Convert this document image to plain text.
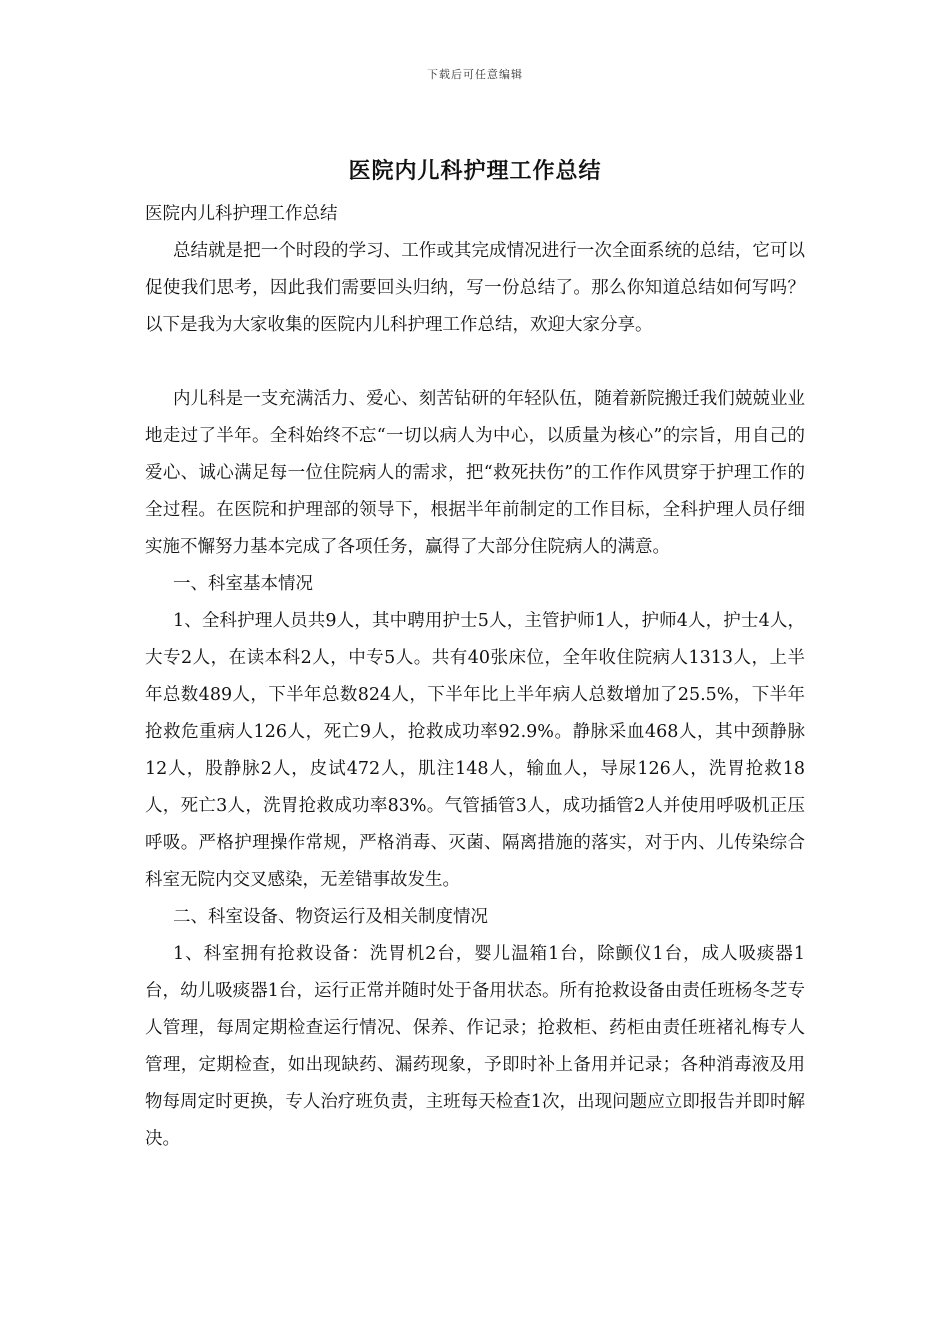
下载后可任意编辑
医院内儿科护理工作总结

医院内儿科护理工作总结

总结就是把一个时段的学习、工作或其完成情况进行一次全面系统的总结，它可以促使我们思考，因此我们需要回头归纳，写一份总结了。那么你知道总结如何写吗？以下是我为大家收集的医院内儿科护理工作总结，欢迎大家分享。

内儿科是一支充满活力、爱心、刻苦钻研的年轻队伍，随着新院搬迁我们兢兢业业地走过了半年。全科始终不忘“一切以病人为中心，以质量为核心”的宗旨，用自己的爱心、诚心满足每一位住院病人的需求，把“救死扶伤”的工作作风贯穿于护理工作的全过程。在医院和护理部的领导下，根据半年前制定的工作目标，全科护理人员仔细实施不懈努力基本完成了各项任务，赢得了大部分住院病人的满意。

一、科室基本情况

1、全科护理人员共9人，其中聘用护士5人，主管护师1人，护师4人，护士4人，大专2人，在读本科2人，中专5人。共有40张床位，全年收住院病人1313人，上半年总数489人，下半年总数824人，下半年比上半年病人总数增加了25.5%，下半年抢救危重病人126人，死亡9人，抢救成功率92.9%。静脉采血468人，其中颈静脉12人，股静脉2人，皮试472人，肌注148人，输血人，导尿126人，洗胃抢救18人，死亡3人，洗胃抢救成功率83%。气管插管3人，成功插管2人并使用呼吸机正压呼吸。严格护理操作常规，严格消毒、灭菌、隔离措施的落实，对于内、儿传染综合科室无院内交叉感染，无差错事故发生。

二、科室设备、物资运行及相关制度情况

1、科室拥有抢救设备：洗胃机2台，婴儿温箱1台，除颤仪1台，成人吸痰器1台，幼儿吸痰器1台，运行正常并随时处于备用状态。所有抢救设备由责任班杨冬芝专人管理，每周定期检查运行情况、保养、作记录；抢救柜、药柜由责任班褚礼梅专人管理，定期检查，如出现缺药、漏药现象，予即时补上备用并记录；各种消毒液及用物每周定时更换，专人治疗班负责，主班每天检查1次，出现问题应立即报告并即时解决。
